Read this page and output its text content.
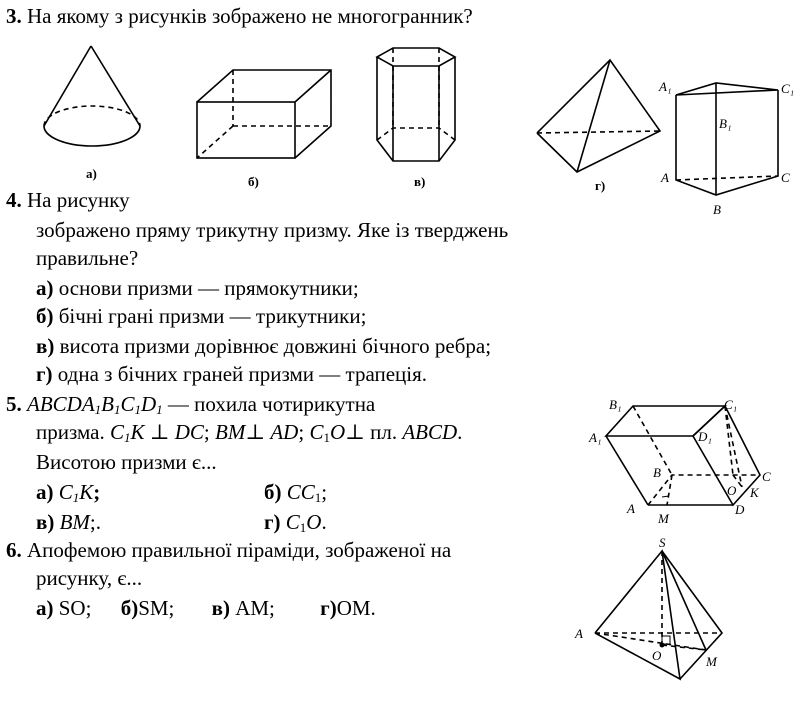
3. На якому з рисунків зображено не многогранник?
а)
б)	в)	г)
A₁	C₁
B₁
A	C
B
4. На рисунку
зображено пряму трикутну призму. Яке із тверджень
правильне?
а) основи призми — прямокутники;
б) бічні грані призми — трикутники;
в) висота призми дорівнює довжині бічного ребра;
г) одна з бічних граней призми — трапеція.
5. $ABCDA_1B_1C_1D_1$ — похила чотирикутна
призма. $C_1K$ ⊥ DC; BM⊥ AD; $C_1O\perp$ пл. ABCD.
Висотою призми є...
а) $C_1K$;	б) $CC_1$;
в) BM;.	г) $C_1O$.
B₁	C₁
A₁	D₁
B	C
O K
A
M
D
6. Апофемою правильної піраміди, зображеної на
рисунку, є...
а) SO; б)SM; в) AM; г)OM.
S
A
O	M
